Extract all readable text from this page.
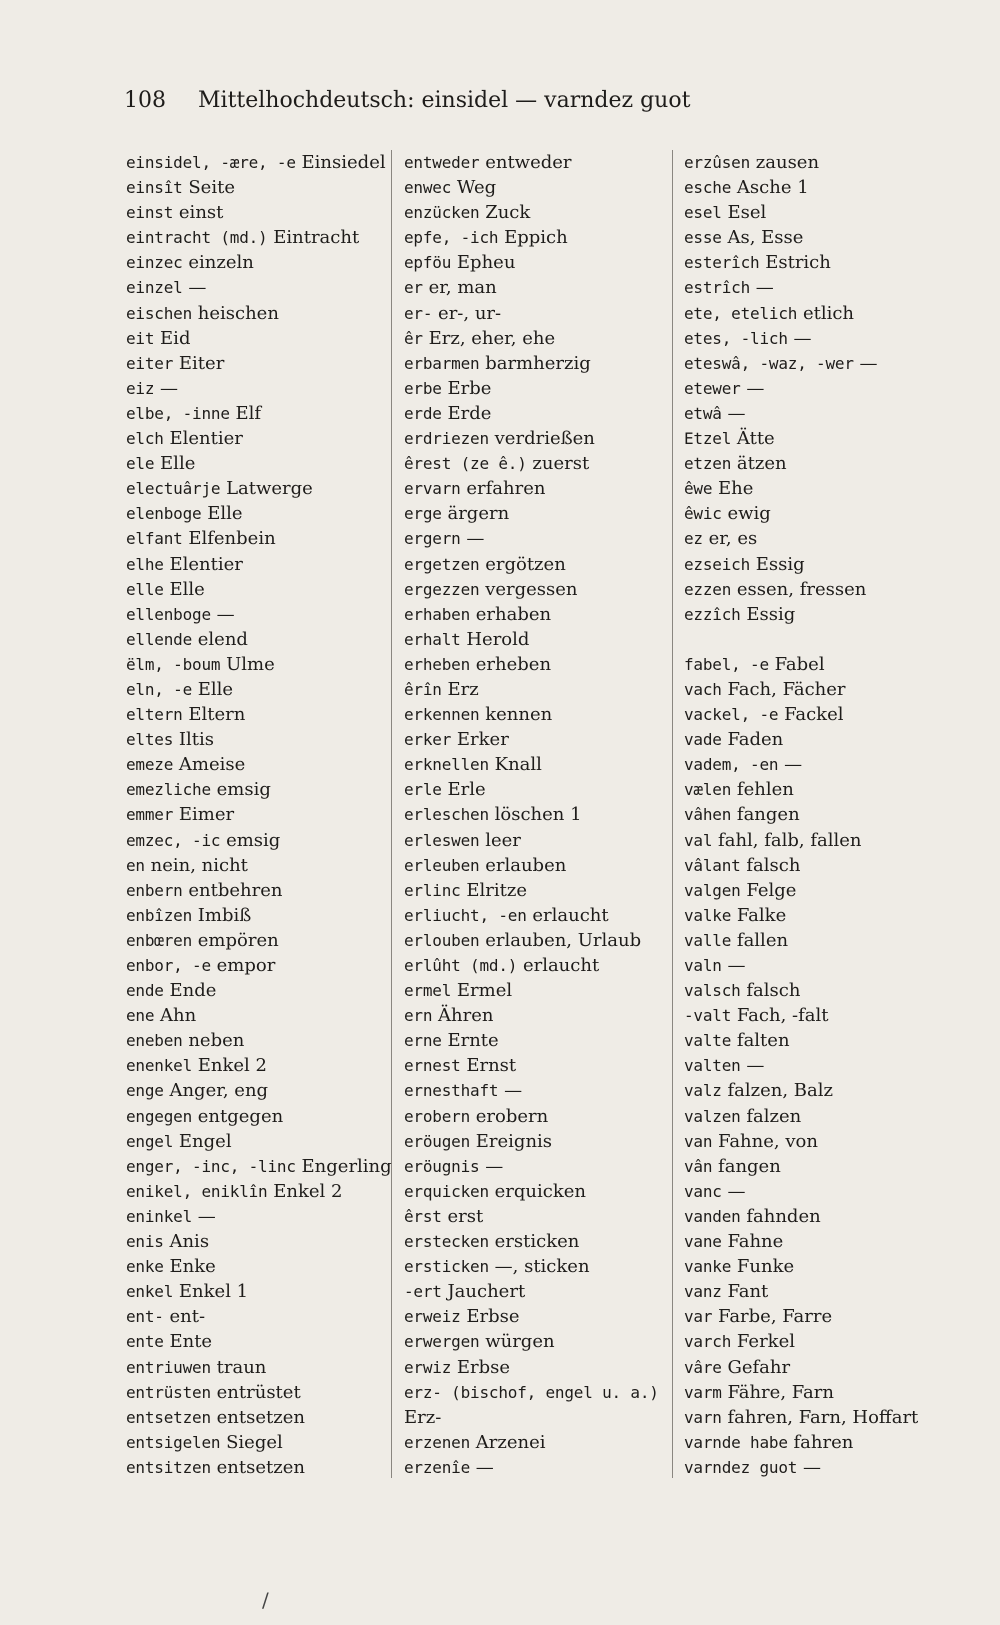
108 Mittelhochdeutsch: einsidel — varndez guot
einsidel, -ære, -e Einsiedel
einsît Seite
einst einst
eintracht (md.) Eintracht
einzec einzeln
einzel —
eischen heischen
eit Eid
eiter Eiter
eiz —
elbe, -inne Elf
elch Elentier
ele Elle
electuârje Latwerge
elenboge Elle
elfant Elfenbein
elhe Elentier
elle Elle
ellenboge —
ellende elend
ëlm, -boum Ulme
eln, -e Elle
eltern Eltern
eltes Iltis
emeze Ameise
emezliche emsig
emmer Eimer
emzec, -ic emsig
en nein, nicht
enbern entbehren
enbîzen Imbiß
enbœren empören
enbor, -e empor
ende Ende
ene Ahn
eneben neben
enenkel Enkel 2
enge Anger, eng
engegen entgegen
engel Engel
enger, -inc, -linc Engerling
enikel, eniklîn Enkel 2
eninkel —
enis Anis
enke Enke
enkel Enkel 1
ent- ent-
ente Ente
entriuwen traun
entrüsten entrüstet
entsetzen entsetzen
entsigelen Siegel
entsitzen entsetzen
entweder entweder
enwec Weg
enzücken Zuck
epfe, -ich Eppich
epföu Epheu
er er, man
er- er-, ur-
êr Erz, eher, ehe
erbarmen barmherzig
erbe Erbe
erde Erde
erdriezen verdrießen
êrest (ze ê.) zuerst
ervarn erfahren
erge ärgern
ergern —
ergetzen ergötzen
ergezzen vergessen
erhaben erhaben
erhalt Herold
erheben erheben
êrîn Erz
erkennen kennen
erker Erker
erknellen Knall
erle Erle
erleschen löschen 1
erleswen leer
erleuben erlauben
erlinc Elritze
erliucht, -en erlaucht
erlouben erlauben, Urlaub
erlûht (md.) erlaucht
ermel Ermel
ern Ähren
erne Ernte
ernest Ernst
ernesthaft —
erobern erobern
eröugen Ereignis
eröugnis —
erquicken erquicken
êrst erst
erstecken ersticken
ersticken —, sticken
-ert Jauchert
erweiz Erbse
erwergen würgen
erwiz Erbse
erz- (bischof, engel u. a.)
Erz-
erzenen Arzenei
erzenîe —
erzûsen zausen
esche Asche 1
esel Esel
esse As, Esse
esterîch Estrich
estrîch —
ete, etelich etlich
etes, -lich —
eteswâ, -waz, -wer —
etewer —
etwâ —
Etzel Ätte
etzen ätzen
êwe Ehe
êwic ewig
ez er, es
ezseich Essig
ezzen essen, fressen
ezzîch Essig
fabel, -e Fabel
vach Fach, Fächer
vackel, -e Fackel
vade Faden
vadem, -en —
vælen fehlen
vâhen fangen
val fahl, falb, fallen
vâlant falsch
valgen Felge
valke Falke
valle fallen
valn —
valsch falsch
-valt Fach, -falt
valte falten
valten —
valz falzen, Balz
valzen falzen
van Fahne, von
vân fangen
vanc —
vanden fahnden
vane Fahne
vanke Funke
vanz Fant
var Farbe, Farre
varch Ferkel
vâre Gefahr
varm Fähre, Farn
varn fahren, Farn, Hoffart
varnde habe fahren
varndez guot —
/
